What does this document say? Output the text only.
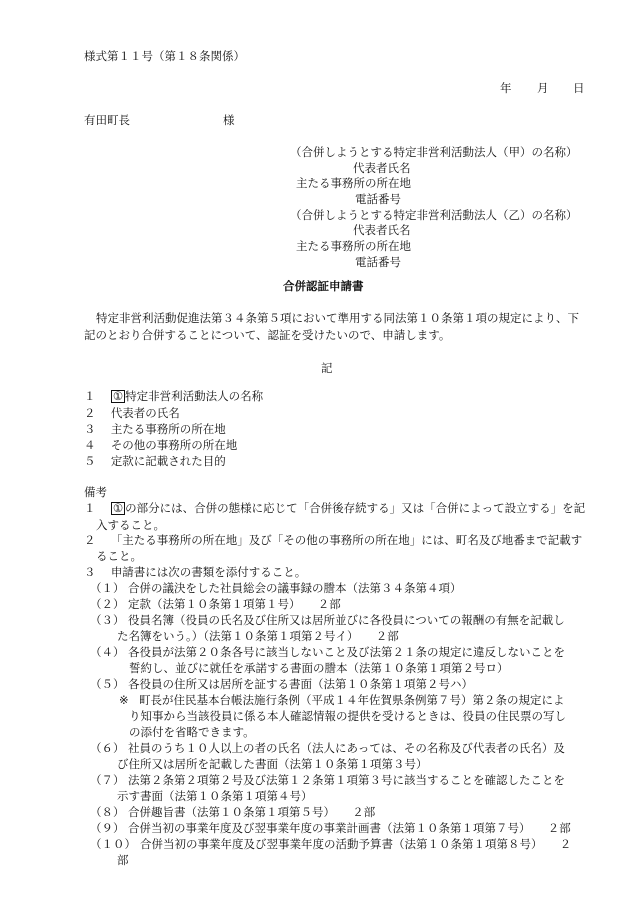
様式第１１号（第１８条関係）
年 月 日
有田町長	様
（合併しようとする特定非営利活動法人（甲）の名称）
代表者氏名
主たる事務所の所在地
電話番号
（合併しようとする特定非営利活動法人（乙）の名称）
代表者氏名
主たる事務所の所在地
電話番号
合併認証申請書
特定非営利活動促進法第３４条第５項において準用する同法第１０条第１項の規定により、下
記のとおり合併することについて、認証を受けたいので、申請します。
記
１ ① 特定非営利活動法人の名称
２ 代表者の氏名
３ 主たる事務所の所在地
４ その他の事務所の所在地
５ 定款に記載された目的
備考
１ ① の部分には、合併の態様に応じて「合併後存続する」又は「合併によって設立する」を記
入すること。
２ 「主たる事務所の所在地」及び「その他の事務所の所在地」には、町名及び地番まで記載す
ること。
３ 申請書には次の書類を添付すること。
（１） 合併の議決をした社員総会の議事録の謄本（法第３４条第４項）
（２） 定款（法第１０条第１項第１号）　　２部
（３） 役員名簿（役員の氏名及び住所又は居所並びに各役員についての報酬の有無を記載し
た名簿をいう。）（法第１０条第１項第２号イ）　　２部
（４） 各役員が法第２０条各号に該当しないこと及び法第２１条の規定に違反しないことを
誓約し、並びに就任を承諾する書面の謄本（法第１０条第１項第２号ロ）
（５） 各役員の住所又は居所を証する書面（法第１０条第１項第２号ハ）
※ 町長が住民基本台帳法施行条例（平成１４年佐賀県条例第７号）第２条の規定によ
り知事から当該役員に係る本人確認情報の提供を受けるときは、役員の住民票の写し
の添付を省略できます。
（６） 社員のうち１０人以上の者の氏名（法人にあっては、その名称及び代表者の氏名）及
び住所又は居所を記載した書面（法第１０条第１項第３号）
（７） 法第２条第２項第２号及び法第１２条第１項第３号に該当することを確認したことを
示す書面（法第１０条第１項第４号）
（８） 合併趣旨書（法第１０条第１項第５号）　　２部
（９） 合併当初の事業年度及び翌事業年度の事業計画書（法第１０条第１項第７号）　　２部
（１０） 合併当初の事業年度及び翌事業年度の活動予算書（法第１０条第１項第８号）　　２
部
